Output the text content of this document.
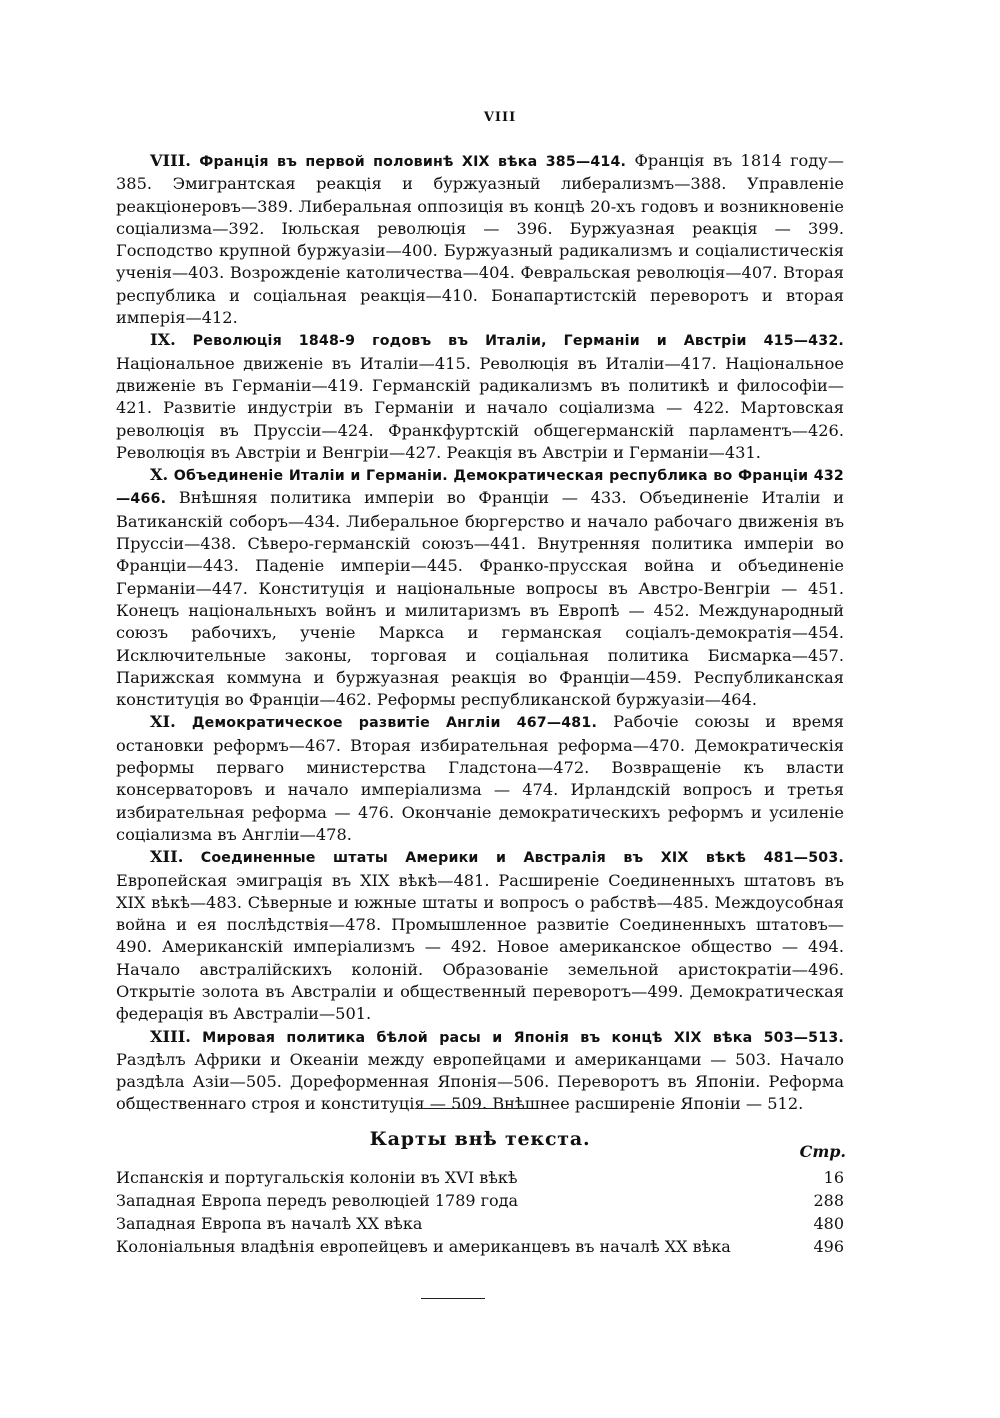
VIII

VIII. Франція въ первой половинѣ XIX вѣка 385—414. Франція въ 1814 году—385. Эмигрантская реакція и буржуазный либерализмъ—388. Управленіе реакціонеровъ—389. Либеральная оппозиція въ концѣ 20-хъ годовъ и возникновеніе соціализма—392. Іюльская революція — 396. Буржуазная реакція — 399. Господство крупной буржуазіи—400. Буржуазный радикализмъ и соціалистическія ученія—403. Возрожденіе католичества—404. Февральская революція—407. Вторая республика и соціальная реакція—410. Бонапартистскій переворотъ и вторая имперія—412.

IX. Революція 1848-9 годовъ въ Италіи, Германіи и Австріи 415—432. Національное движеніе въ Италіи—415. Революція въ Италіи—417. Національное движеніе въ Германіи—419. Германскій радикализмъ въ политикѣ и философіи—421. Развитіе индустріи въ Германіи и начало соціализма — 422. Мартовская революція въ Пруссіи—424. Франкфуртскій общегерманскій парламентъ—426. Революція въ Австріи и Венгріи—427. Реакція въ Австріи и Германіи—431.

X. Объединеніе Италіи и Германіи. Демократическая республика во Франціи 432—466. Внѣшняя политика имперіи во Франціи — 433. Объединеніе Италіи и Ватиканскій соборъ—434. Либеральное бюргерство и начало рабочаго движенія въ Пруссіи—438. Сѣверо-германскій союзъ—441. Внутренняя политика имперіи во Франціи—443. Паденіе имперіи—445. Франко-прусская война и объединеніе Германіи—447. Конституція и національные вопросы въ Австро-Венгріи — 451. Конецъ національныхъ войнъ и милитаризмъ въ Европѣ — 452. Международный союзъ рабочихъ, ученіе Маркса и германская соціалъ-демократія—454. Исключительные законы, торговая и соціальная политика Бисмарка—457. Парижская коммуна и буржуазная реакція во Франціи—459. Республиканская конституція во Франціи—462. Реформы республиканской буржуазіи—464.

XI. Демократическое развитіе Англіи 467—481. Рабочіе союзы и время остановки реформъ—467. Вторая избирательная реформа—470. Демократическія реформы перваго министерства Гладстона—472. Возвращеніе къ власти консерваторовъ и начало имперіализма — 474. Ирландскій вопросъ и третья избирательная реформа — 476. Окончаніе демократическихъ реформъ и усиленіе соціализма въ Англіи—478.

XII. Соединенные штаты Америки и Австралія въ XIX вѣкѣ 481—503. Европейская эмиграція въ XIX вѣкѣ—481. Расширеніе Соединенныхъ штатовъ въ XIX вѣкѣ—483. Сѣверные и южные штаты и вопросъ о рабствѣ—485. Междоусобная война и ея послѣдствія—478. Промышленное развитіе Соединенныхъ штатовъ—490. Американскій имперіализмъ — 492. Новое американское общество — 494. Начало австралійскихъ колоній. Образованіе земельной аристократіи—496. Открытіе золота въ Австраліи и общественный переворотъ—499. Демократическая федерація въ Австраліи—501.

XIII. Мировая политика бѣлой расы и Японія въ концѣ XIX вѣка 503—513. Раздѣлъ Африки и Океаніи между европейцами и американцами — 503. Начало раздѣла Азіи—505. Дореформенная Японія—506. Переворотъ въ Японіи. Реформа общественнаго строя и конституція — 509. Внѣшнее расширеніе Японіи — 512.

Карты внѣ текста.
Стр.
Испанскія и португальскія колоніи въ XVI вѣкѣ	16
Западная Европа передъ революціей 1789 года	288
Западная Европа въ началѣ XX вѣка	480
Колоніальныя владѣнія европейцевъ и американцевъ въ началѣ XX вѣка	496
